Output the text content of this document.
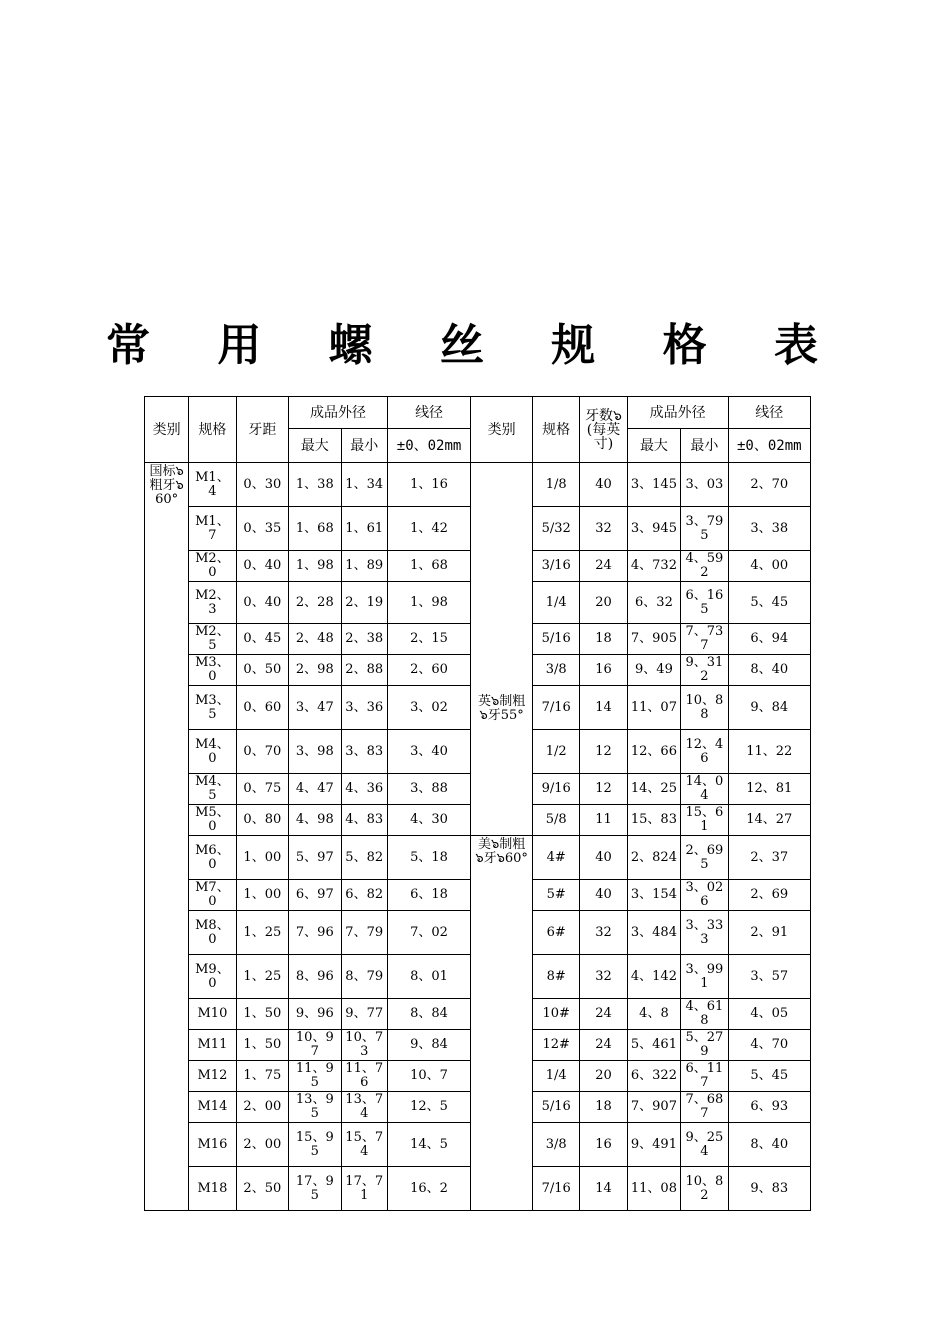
常 用 螺 丝 规 格 表
类别	规格	牙距	成品外径		线径	类别	规格	牙数๖(每英寸)	成品外径		线径
			最大	最小	±0、02mm				最大	最小	±0、02mm
国标๖粗牙๖60°	M1、4	0、30	1、38	1、34	1、16	英๖制粗๖牙55°	1/8	40	3、145	3、03	2、70
	M1、7	0、35	1、68	1、61	1、42		5/32	32	3、945	3、795	3、38
	M2、0	0、40	1、98	1、89	1、68		3/16	24	4、732	4、592	4、00
	M2、3	0、40	2、28	2、19	1、98		1/4	20	6、32	6、165	5、45
	M2、5	0、45	2、48	2、38	2、15		5/16	18	7、905	7、737	6、94
	M3、0	0、50	2、98	2、88	2、60		3/8	16	9、49	9、312	8、40
	M3、5	0、60	3、47	3、36	3、02		7/16	14	11、07	10、88	9、84
	M4、0	0、70	3、98	3、83	3、40		1/2	12	12、66	12、46	11、22
	M4、5	0、75	4、47	4、36	3、88		9/16	12	14、25	14、04	12、81
	M5、0	0、80	4、98	4、83	4、30		5/8	11	15、83	15、61	14、27
	M6、0	1、00	5、97	5、82	5、18	美๖制粗๖牙๖60°	4#	40	2、824	2、695	2、37
	M7、0	1、00	6、97	6、82	6、18		5#	40	3、154	3、026	2、69
	M8、0	1、25	7、96	7、79	7、02		6#	32	3、484	3、333	2、91
	M9、0	1、25	8、96	8、79	8、01		8#	32	4、142	3、991	3、57
	M10	1、50	9、96	9、77	8、84		10#	24	4、8	4、618	4、05
	M11	1、50	10、97	10、73	9、84		12#	24	5、461	5、279	4、70
	M12	1、75	11、95	11、76	10、7		1/4	20	6、322	6、117	5、45
	M14	2、00	13、95	13、74	12、5		5/16	18	7、907	7、687	6、93
	M16	2、00	15、95	15、74	14、5		3/8	16	9、491	9、254	8、40
	M18	2、50	17、95	17、71	16、2		7/16	14	11、08	10、82	9、83
